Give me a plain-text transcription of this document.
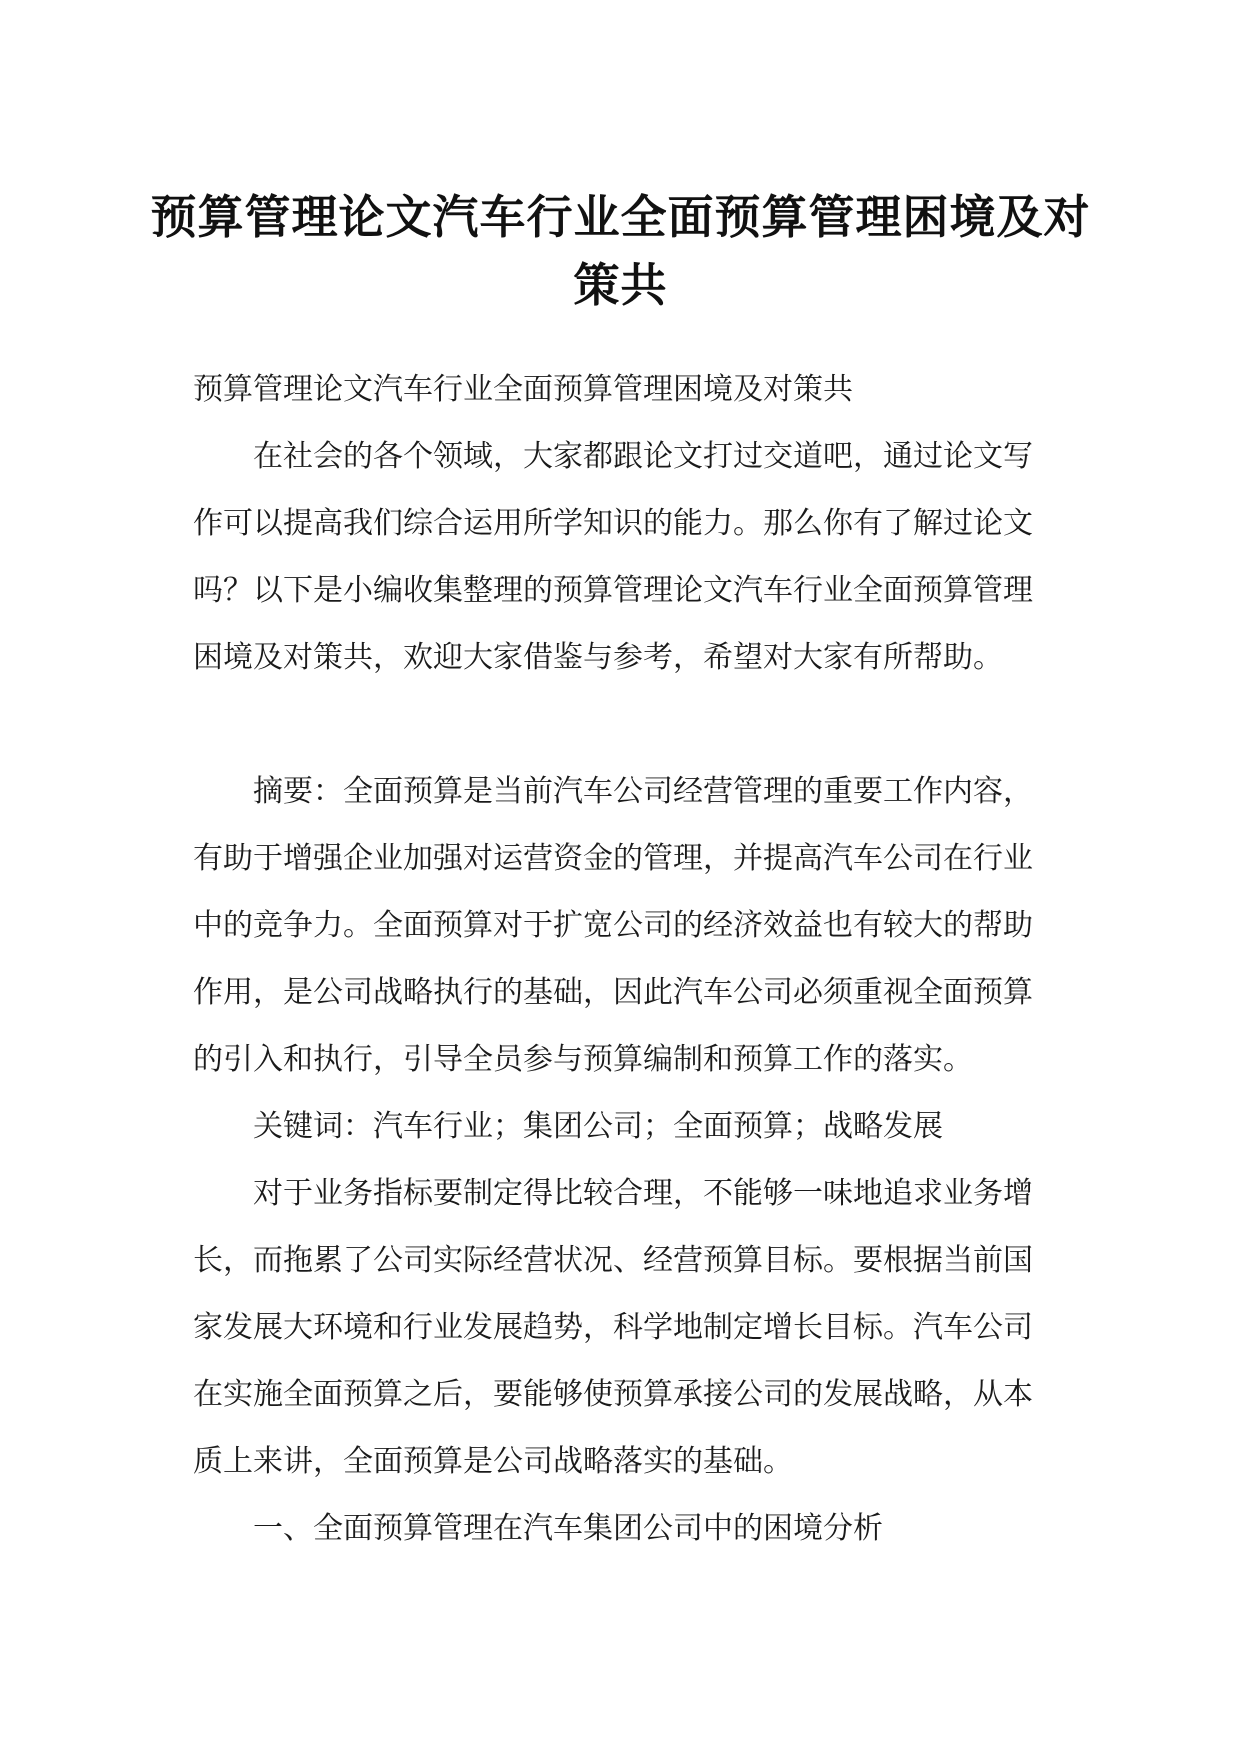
预算管理论文汽车行业全面预算管理困境及对策共

预算管理论文汽车行业全面预算管理困境及对策共

在社会的各个领域，大家都跟论文打过交道吧，通过论文写作可以提高我们综合运用所学知识的能力。那么你有了解过论文吗？以下是小编收集整理的预算管理论文汽车行业全面预算管理困境及对策共，欢迎大家借鉴与参考，希望对大家有所帮助。

摘要：全面预算是当前汽车公司经营管理的重要工作内容，有助于增强企业加强对运营资金的管理，并提高汽车公司在行业中的竞争力。全面预算对于扩宽公司的经济效益也有较大的帮助作用，是公司战略执行的基础，因此汽车公司必须重视全面预算的引入和执行，引导全员参与预算编制和预算工作的落实。

关键词：汽车行业；集团公司；全面预算；战略发展

对于业务指标要制定得比较合理，不能够一味地追求业务增长，而拖累了公司实际经营状况、经营预算目标。要根据当前国家发展大环境和行业发展趋势，科学地制定增长目标。汽车公司在实施全面预算之后，要能够使预算承接公司的发展战略，从本质上来讲，全面预算是公司战略落实的基础。

一、全面预算管理在汽车集团公司中的困境分析
